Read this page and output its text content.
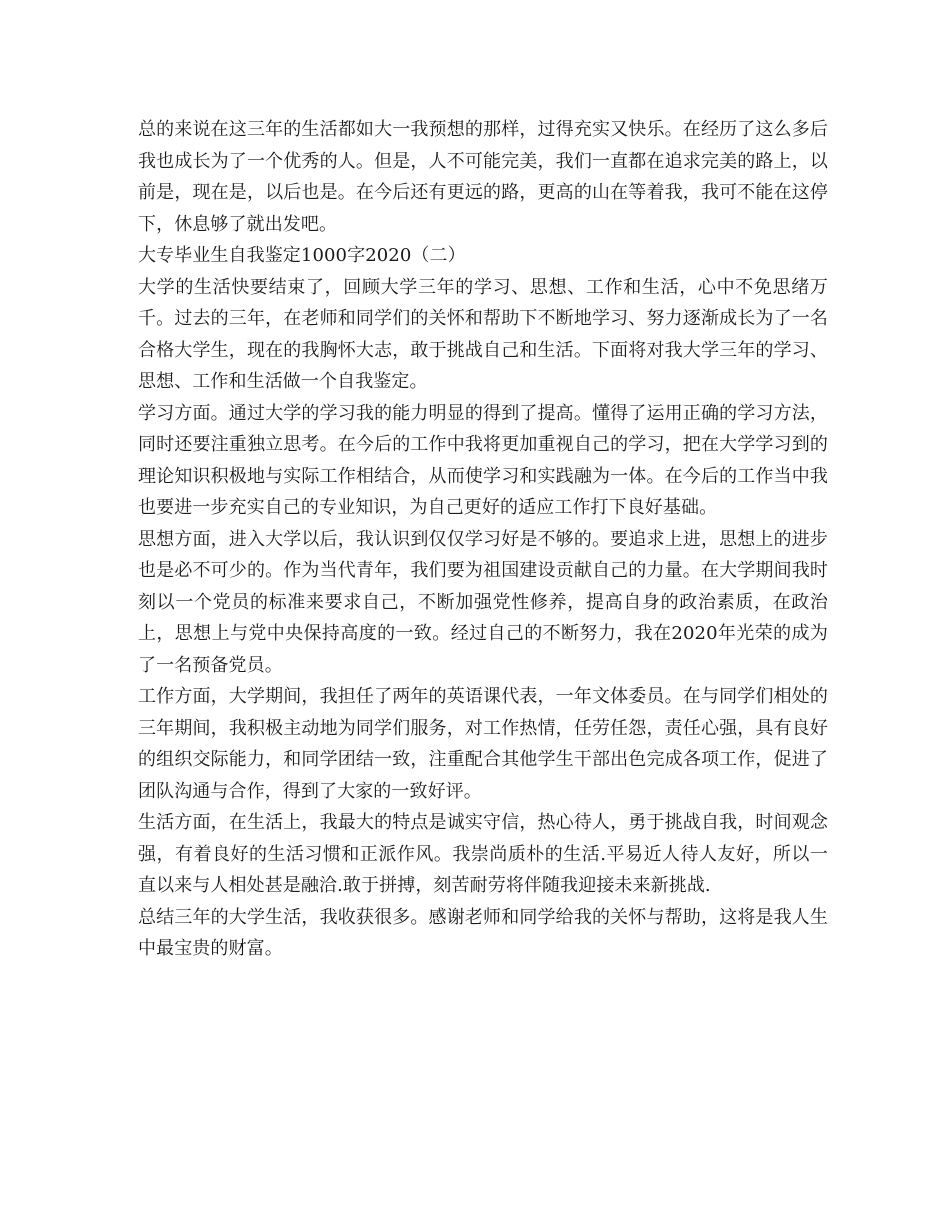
总的来说在这三年的生活都如大一我预想的那样，过得充实又快乐。在经历了这么多后我也成长为了一个优秀的人。但是，人不可能完美，我们一直都在追求完美的路上，以前是，现在是，以后也是。在今后还有更远的路，更高的山在等着我，我可不能在这停下，休息够了就出发吧。

大专毕业生自我鉴定1000字2020（二）

大学的生活快要结束了，回顾大学三年的学习、思想、工作和生活，心中不免思绪万千。过去的三年，在老师和同学们的关怀和帮助下不断地学习、努力逐渐成长为了一名合格大学生，现在的我胸怀大志，敢于挑战自己和生活。下面将对我大学三年的学习、思想、工作和生活做一个自我鉴定。

学习方面。通过大学的学习我的能力明显的得到了提高。懂得了运用正确的学习方法，同时还要注重独立思考。在今后的工作中我将更加重视自己的学习，把在大学学习到的理论知识积极地与实际工作相结合，从而使学习和实践融为一体。在今后的工作当中我也要进一步充实自己的专业知识，为自己更好的适应工作打下良好基础。

思想方面，进入大学以后，我认识到仅仅学习好是不够的。要追求上进，思想上的进步也是必不可少的。作为当代青年，我们要为祖国建设贡献自己的力量。在大学期间我时刻以一个党员的标准来要求自己，不断加强党性修养，提高自身的政治素质，在政治上，思想上与党中央保持高度的一致。经过自己的不断努力，我在2020年光荣的成为了一名预备党员。

工作方面，大学期间，我担任了两年的英语课代表，一年文体委员。在与同学们相处的三年期间，我积极主动地为同学们服务，对工作热情，任劳任怨，责任心强，具有良好的组织交际能力，和同学团结一致，注重配合其他学生干部出色完成各项工作，促进了团队沟通与合作，得到了大家的一致好评。

生活方面，在生活上，我最大的特点是诚实守信，热心待人，勇于挑战自我，时间观念强，有着良好的生活习惯和正派作风。我崇尚质朴的生活.平易近人待人友好，所以一直以来与人相处甚是融洽.敢于拼搏，刻苦耐劳将伴随我迎接未来新挑战.

总结三年的大学生活，我收获很多。感谢老师和同学给我的关怀与帮助，这将是我人生中最宝贵的财富。
